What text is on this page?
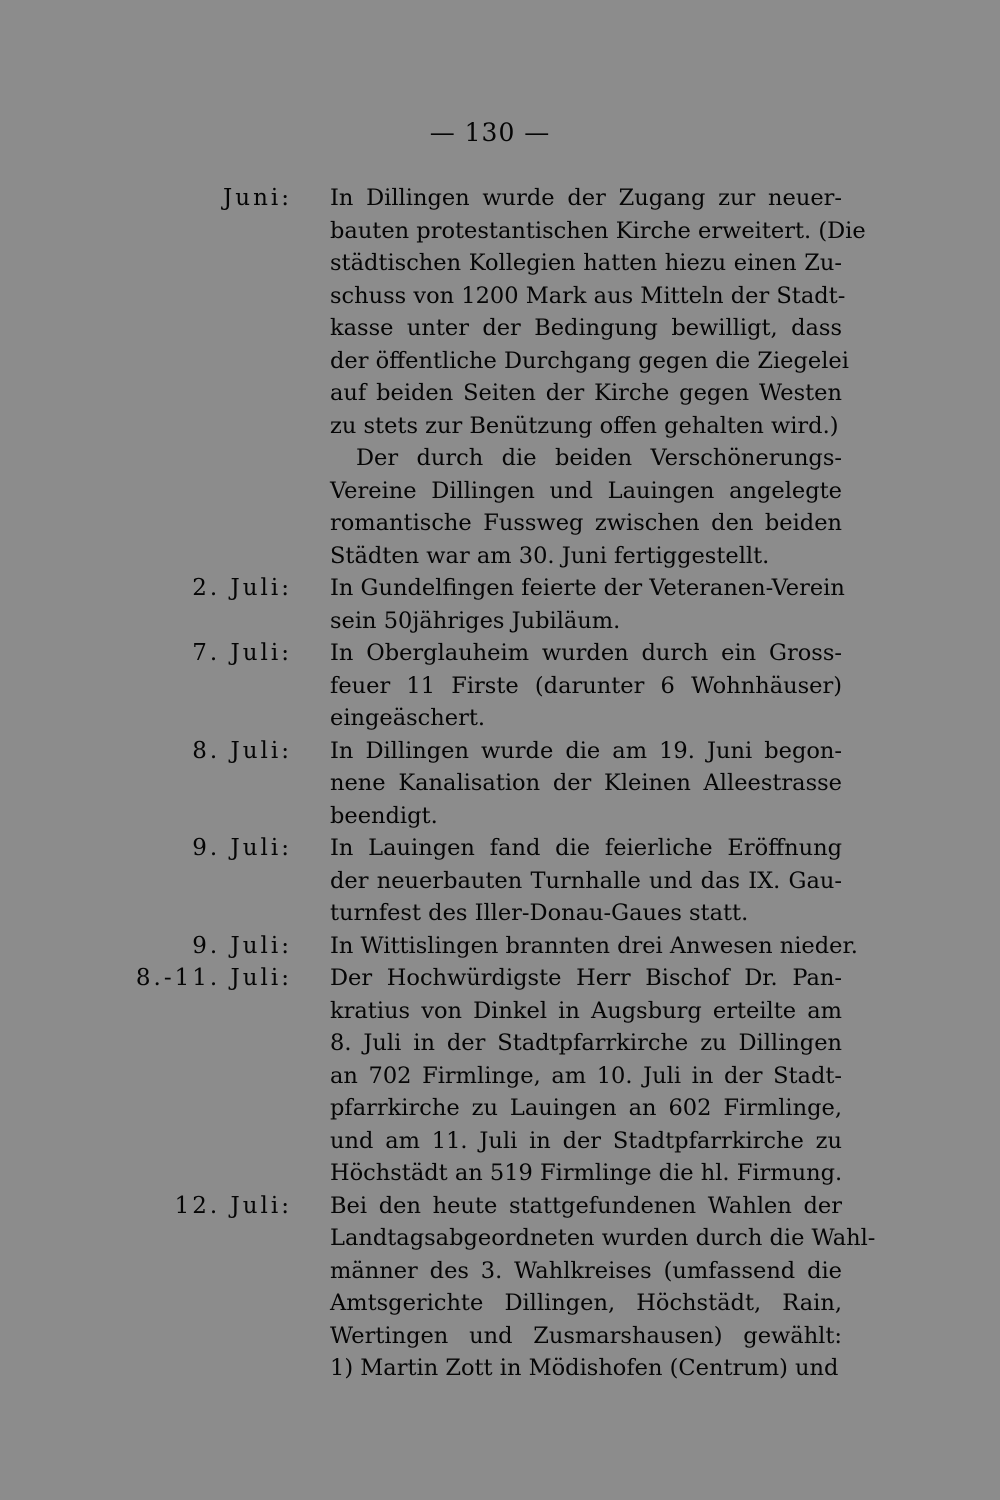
— 130 —
Juni: In Dillingen wurde der Zugang zur neuer-
bauten protestantischen Kirche erweitert. (Die
städtischen Kollegien hatten hiezu einen Zu-
schuss von 1200 Mark aus Mitteln der Stadt-
kasse unter der Bedingung bewilligt, dass
der öffentliche Durchgang gegen die Ziegelei
auf beiden Seiten der Kirche gegen Westen
zu stets zur Benützung offen gehalten wird.)
Der durch die beiden Verschönerungs-
Vereine Dillingen und Lauingen angelegte
romantische Fussweg zwischen den beiden
Städten war am 30. Juni fertiggestellt.
2. Juli: In Gundelfingen feierte der Veteranen-Verein
sein 50jähriges Jubiläum.
7. Juli: In Oberglauheim wurden durch ein Gross-
feuer 11 Firste (darunter 6 Wohnhäuser)
eingeäschert.
8. Juli: In Dillingen wurde die am 19. Juni begon-
nene Kanalisation der Kleinen Alleestrasse
beendigt.
9. Juli: In Lauingen fand die feierliche Eröffnung
der neuerbauten Turnhalle und das IX. Gau-
turnfest des Iller-Donau-Gaues statt.
9. Juli: In Wittislingen brannten drei Anwesen nieder.
8.-11. Juli: Der Hochwürdigste Herr Bischof Dr. Pan-
kratius von Dinkel in Augsburg erteilte am
8. Juli in der Stadtpfarrkirche zu Dillingen
an 702 Firmlinge, am 10. Juli in der Stadt-
pfarrkirche zu Lauingen an 602 Firmlinge,
und am 11. Juli in der Stadtpfarrkirche zu
Höchstädt an 519 Firmlinge die hl. Firmung.
12. Juli: Bei den heute stattgefundenen Wahlen der
Landtagsabgeordneten wurden durch die Wahl-
männer des 3. Wahlkreises (umfassend die
Amtsgerichte Dillingen, Höchstädt, Rain,
Wertingen und Zusmarshausen) gewählt:
1) Martin Zott in Mödishofen (Centrum) und
